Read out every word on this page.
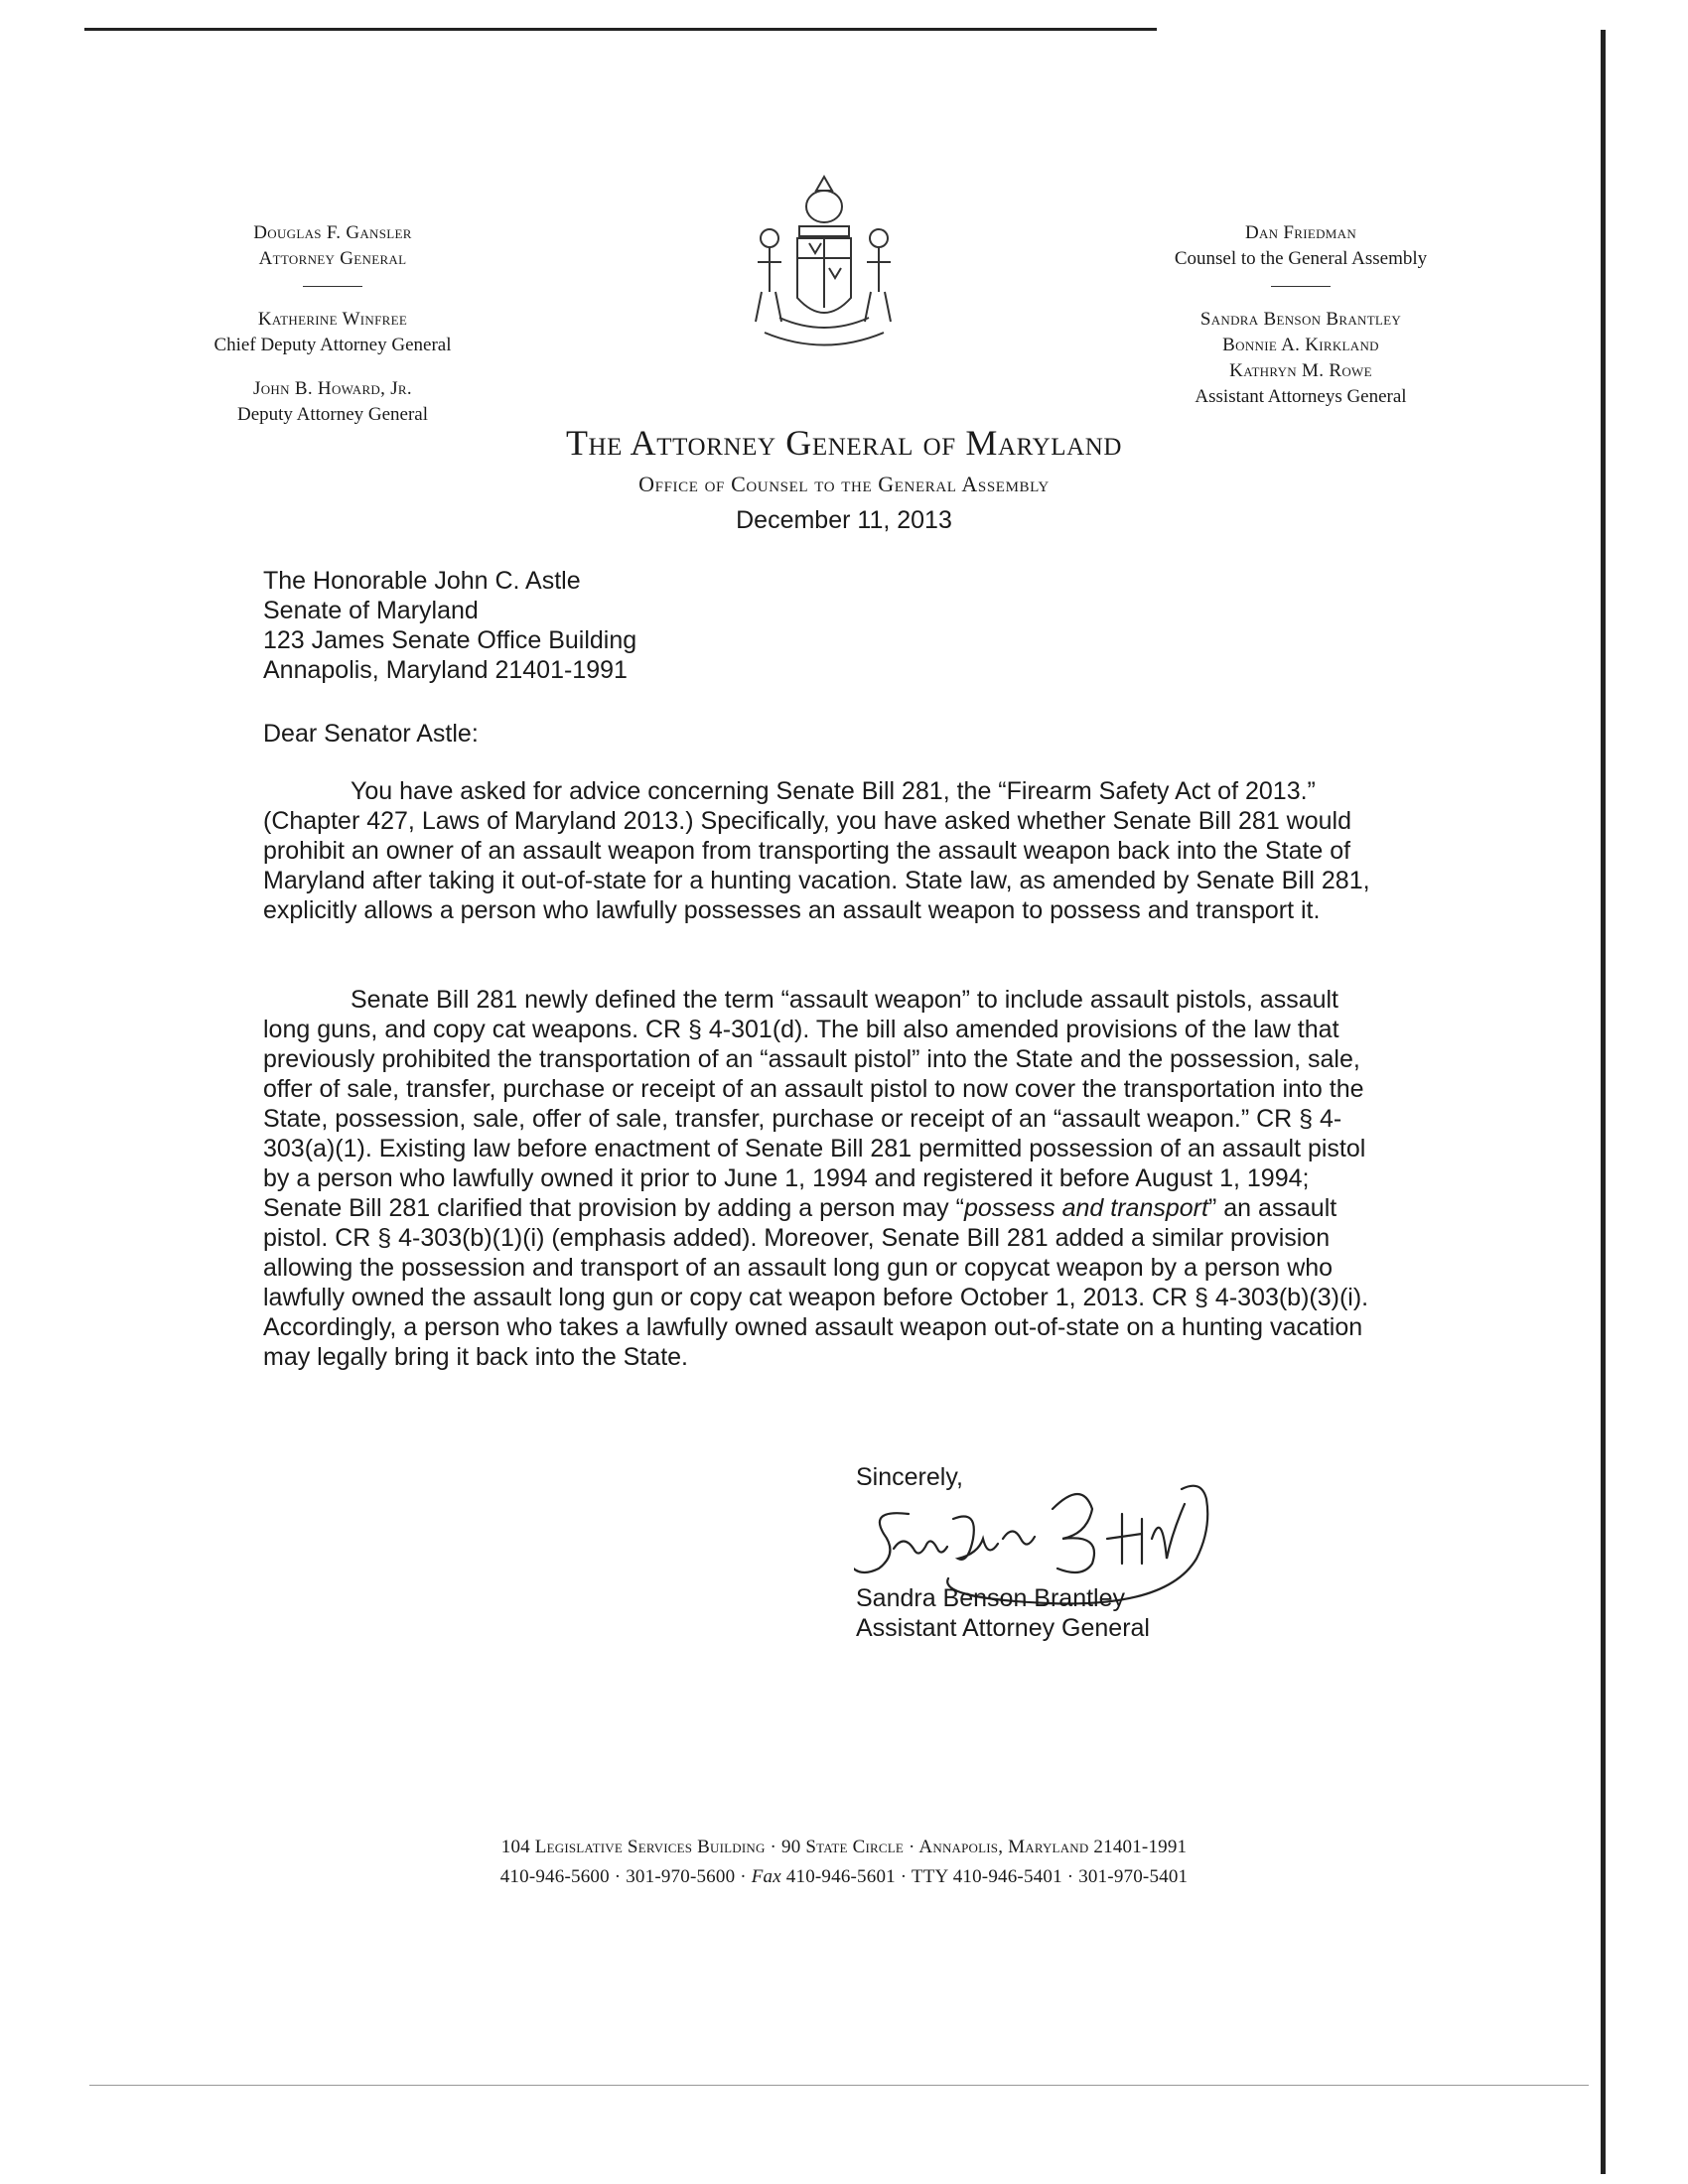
Douglas F. Gansler
Attorney General
Katherine Winfree
Chief Deputy Attorney General
John B. Howard, Jr.
Deputy Attorney General
Dan Friedman
Counsel to the General Assembly
Sandra Benson Brantley
Bonnie A. Kirkland
Kathryn M. Rowe
Assistant Attorneys General
The Attorney General of Maryland
Office of Counsel to the General Assembly
December 11, 2013
The Honorable John C. Astle
Senate of Maryland
123 James Senate Office Building
Annapolis, Maryland 21401-1991
Dear Senator Astle:
You have asked for advice concerning Senate Bill 281, the “Firearm Safety Act of 2013.” (Chapter 427, Laws of Maryland 2013.) Specifically, you have asked whether Senate Bill 281 would prohibit an owner of an assault weapon from transporting the assault weapon back into the State of Maryland after taking it out-of-state for a hunting vacation. State law, as amended by Senate Bill 281, explicitly allows a person who lawfully possesses an assault weapon to possess and transport it.
Senate Bill 281 newly defined the term “assault weapon” to include assault pistols, assault long guns, and copy cat weapons. CR § 4-301(d). The bill also amended provisions of the law that previously prohibited the transportation of an “assault pistol” into the State and the possession, sale, offer of sale, transfer, purchase or receipt of an assault pistol to now cover the transportation into the State, possession, sale, offer of sale, transfer, purchase or receipt of an “assault weapon.” CR § 4-303(a)(1). Existing law before enactment of Senate Bill 281 permitted possession of an assault pistol by a person who lawfully owned it prior to June 1, 1994 and registered it before August 1, 1994; Senate Bill 281 clarified that provision by adding a person may “possess and transport” an assault pistol. CR § 4-303(b)(1)(i) (emphasis added). Moreover, Senate Bill 281 added a similar provision allowing the possession and transport of an assault long gun or copycat weapon by a person who lawfully owned the assault long gun or copy cat weapon before October 1, 2013. CR § 4-303(b)(3)(i). Accordingly, a person who takes a lawfully owned assault weapon out-of-state on a hunting vacation may legally bring it back into the State.
Sincerely,
Sandra Benson Brantley
Assistant Attorney General
104 Legislative Services Building · 90 State Circle · Annapolis, Maryland 21401-1991
410-946-5600 · 301-970-5600 · Fax 410-946-5601 · TTY 410-946-5401 · 301-970-5401
